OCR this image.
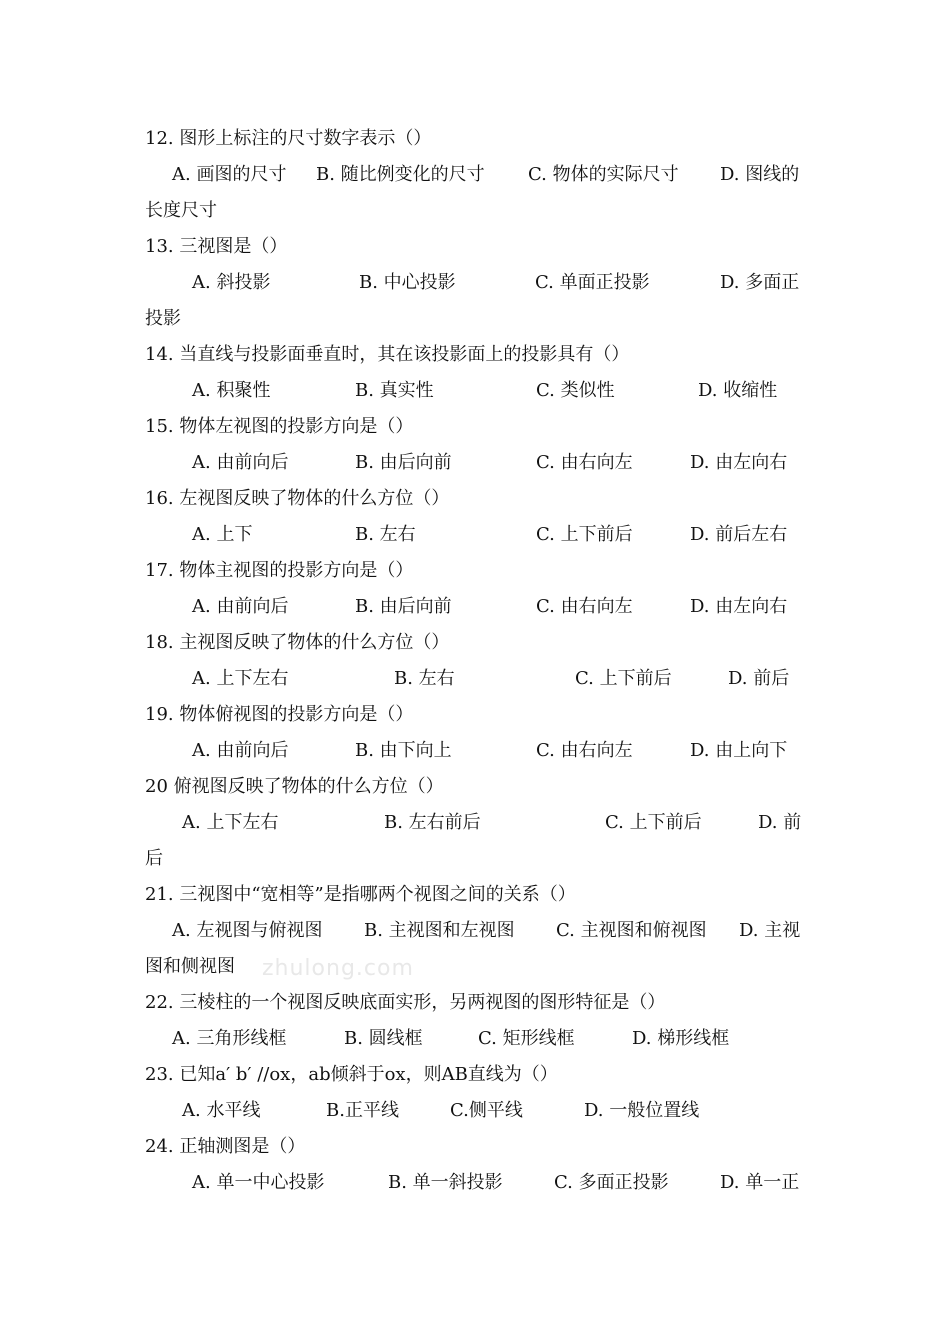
12. 图形上标注的尺寸数字表示（）
A. 画图的尺寸 B. 随比例变化的尺寸 C. 物体的实际尺寸 D. 图线的
长度尺寸
13. 三视图是（）
A. 斜投影	B. 中心投影	C. 单面正投影	D. 多面正
投影
14. 当直线与投影面垂直时，其在该投影面上的投影具有（）
A. 积聚性	B. 真实性	C. 类似性	D. 收缩性
15. 物体左视图的投影方向是（）
A. 由前向后	B. 由后向前	C. 由右向左	D. 由左向右
16. 左视图反映了物体的什么方位（）
A. 上下	B. 左右	C. 上下前后	D. 前后左右
17. 物体主视图的投影方向是（）
A. 由前向后	B. 由后向前	C. 由右向左	D. 由左向右
18. 主视图反映了物体的什么方位（）
A. 上下左右	B. 左右	C. 上下前后	D. 前后
19. 物体俯视图的投影方向是（）
A. 由前向后	B. 由下向上	C. 由右向左	D. 由上向下
20 俯视图反映了物体的什么方位（）
A. 上下左右	B. 左右前后	C. 上下前后	D. 前
后
21. 三视图中“宽相等”是指哪两个视图之间的关系（）
A. 左视图与俯视图 B. 主视图和左视图 C. 主视图和俯视图 D. 主视
图和侧视图 zhulong.com
22. 三棱柱的一个视图反映底面实形，另两视图的图形特征是（）
A. 三角形线框	B. 圆线框	C. 矩形线框	D. 梯形线框
23. 已知a′ b′ //ox，ab倾斜于ox，则AB直线为（）
A. 水平线	B.正平线	C.侧平线	D. 一般位置线
24. 正轴测图是（）
A. 单一中心投影	B. 单一斜投影	C. 多面正投影	D. 单一正
